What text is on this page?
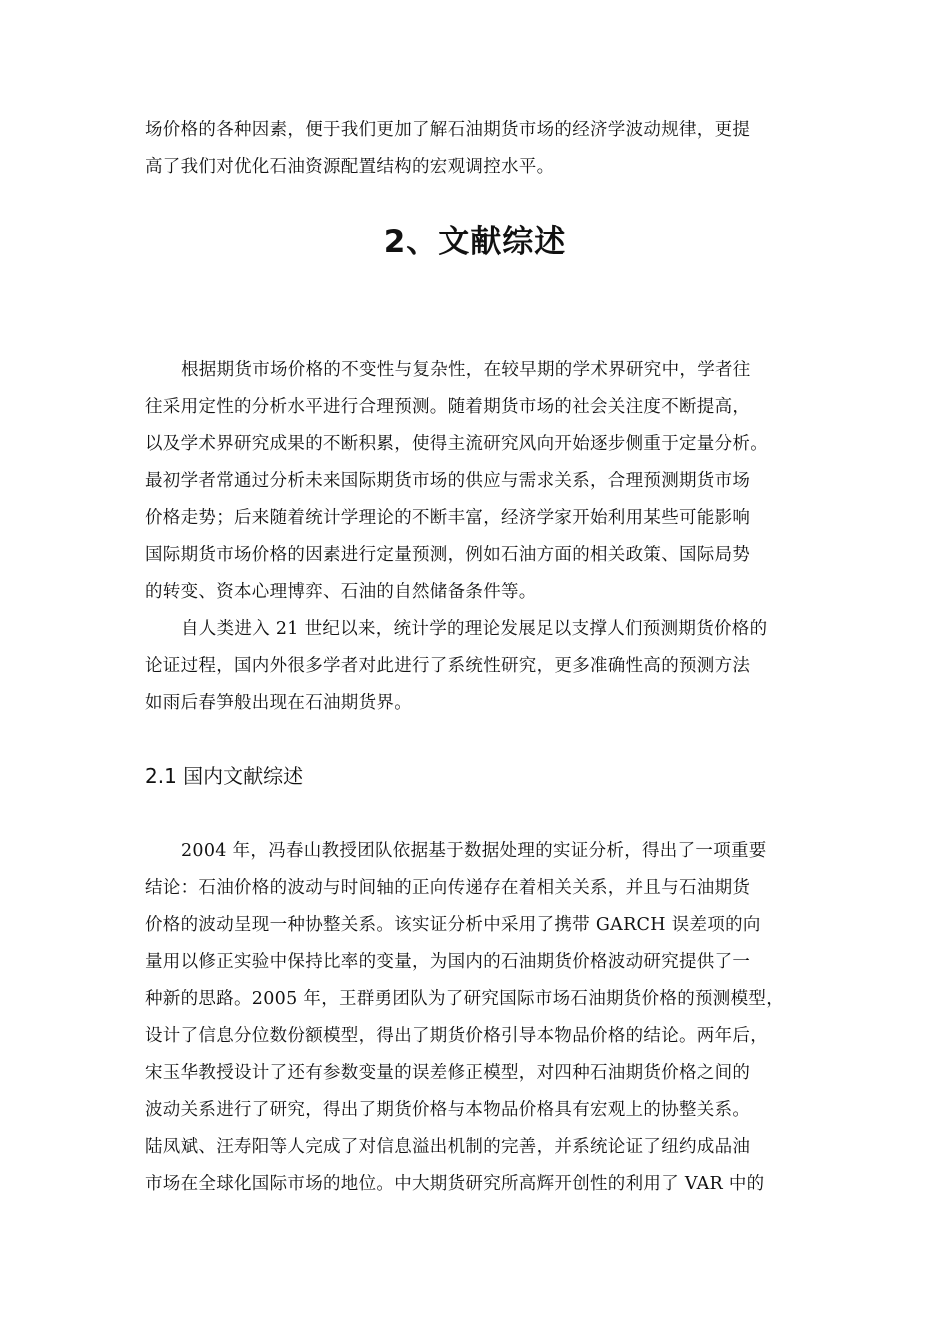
场价格的各种因素，便于我们更加了解石油期货市场的经济学波动规律，更提
高了我们对优化石油资源配置结构的宏观调控水平。
2、文献综述
根据期货市场价格的不变性与复杂性，在较早期的学术界研究中，学者往
往采用定性的分析水平进行合理预测。随着期货市场的社会关注度不断提高，
以及学术界研究成果的不断积累，使得主流研究风向开始逐步侧重于定量分析。
最初学者常通过分析未来国际期货市场的供应与需求关系，合理预测期货市场
价格走势；后来随着统计学理论的不断丰富，经济学家开始利用某些可能影响
国际期货市场价格的因素进行定量预测，例如石油方面的相关政策、国际局势
的转变、资本心理博弈、石油的自然储备条件等。
自人类进入 21 世纪以来，统计学的理论发展足以支撑人们预测期货价格的
论证过程，国内外很多学者对此进行了系统性研究，更多准确性高的预测方法
如雨后春笋般出现在石油期货界。
2.1 国内文献综述
2004 年，冯春山教授团队依据基于数据处理的实证分析，得出了一项重要
结论：石油价格的波动与时间轴的正向传递存在着相关关系，并且与石油期货
价格的波动呈现一种协整关系。该实证分析中采用了携带 GARCH 误差项的向
量用以修正实验中保持比率的变量，为国内的石油期货价格波动研究提供了一
种新的思路。2005 年，王群勇团队为了研究国际市场石油期货价格的预测模型，
设计了信息分位数份额模型，得出了期货价格引导本物品价格的结论。两年后，
宋玉华教授设计了还有参数变量的误差修正模型，对四种石油期货价格之间的
波动关系进行了研究，得出了期货价格与本物品价格具有宏观上的协整关系。
陆凤斌、汪寿阳等人完成了对信息溢出机制的完善，并系统论证了纽约成品油
市场在全球化国际市场的地位。中大期货研究所高辉开创性的利用了 VAR 中的
